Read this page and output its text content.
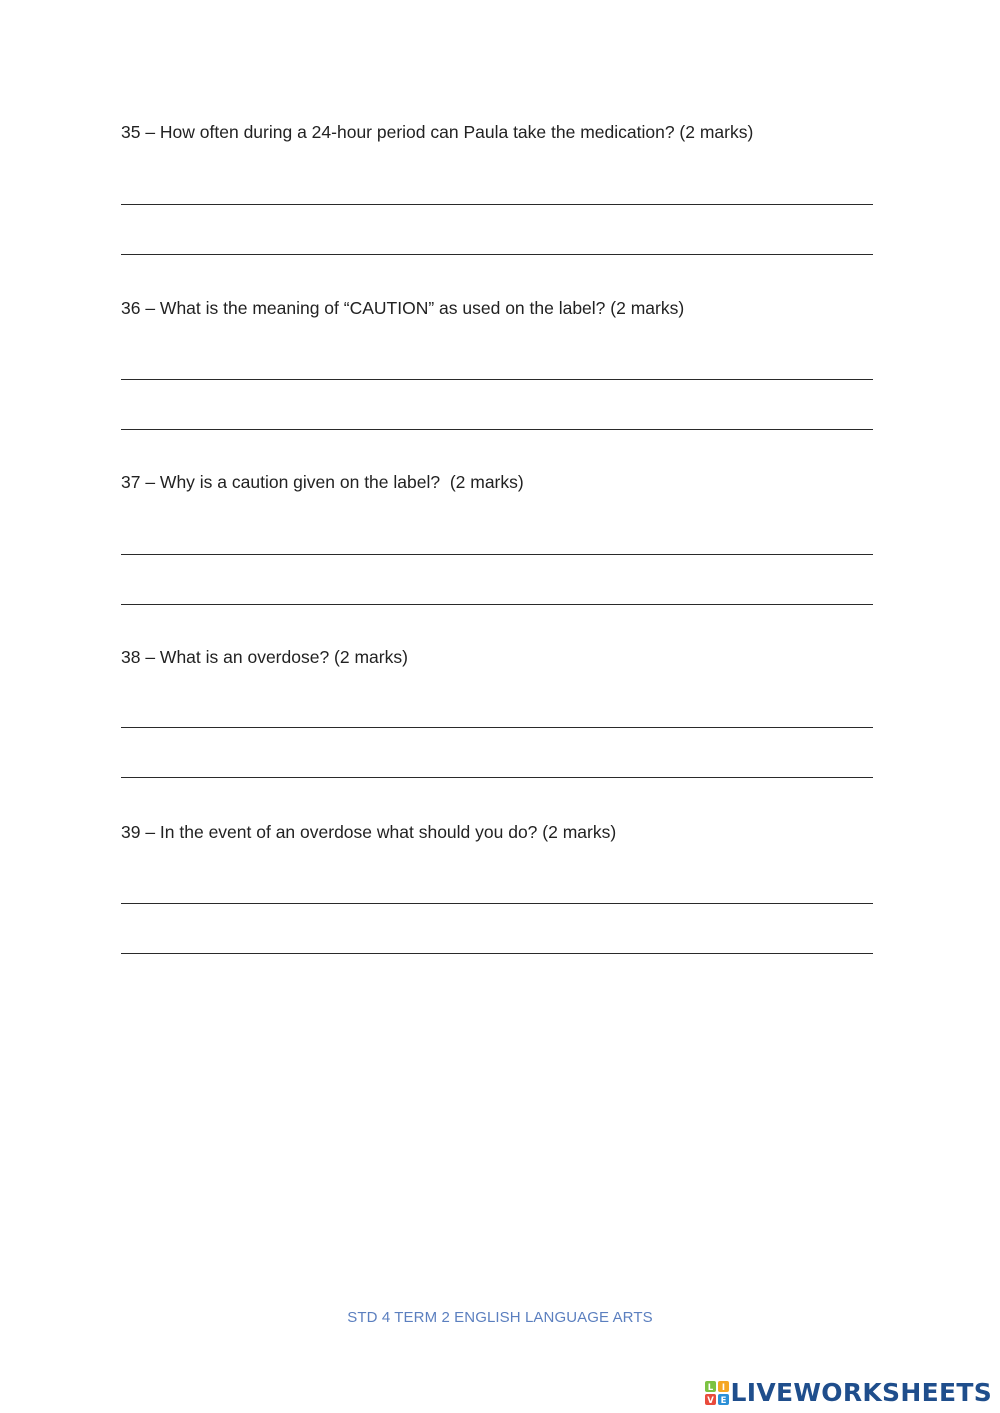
35 – How often during a 24-hour period can Paula take the medication? (2 marks)
36 – What is the meaning of “CAUTION” as used on the label? (2 marks)
37 – Why is a caution given on the label?  (2 marks)
38 – What is an overdose? (2 marks)
39 – In the event of an overdose what should you do? (2 marks)
STD 4 TERM 2 ENGLISH LANGUAGE ARTS
L I
V E LIVEWORKSHEETS
